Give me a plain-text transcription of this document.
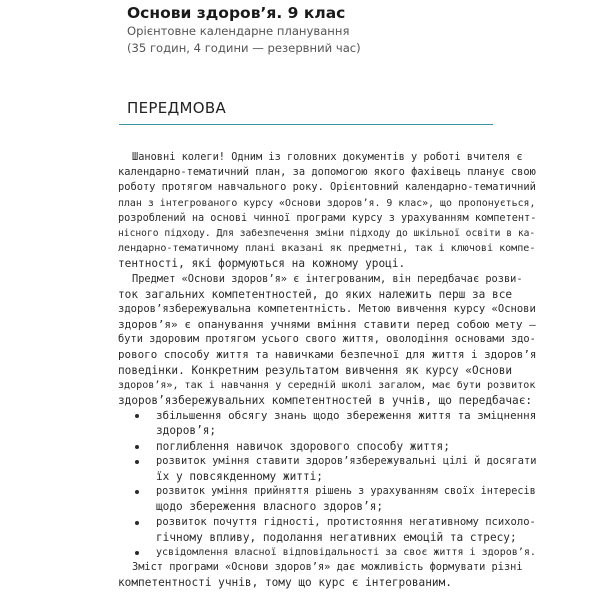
Основи здоров’я. 9 клас
Орієнтовне календарне планування
(35 годин, 4 години — резервний час)
ПЕРЕДМОВА
Шановні колеги! Одним із головних документів у роботі вчителя є
календарно-тематичний план, за допомогою якого фахівець планує свою
роботу протягом навчального року. Орієнтовний календарно-тематичний
план з інтегрованого курсу «Основи здоров’я. 9 клас», що пропонується,
розроблений на основі чинної програми курсу з урахуванням компетент-
нісного підходу. Для забезпечення зміни підходу до шкільної освіти в ка-
лендарно-тематичному плані вказані як предметні, так і ключові компе-
тентності, які формуються на кожному уроці.
Предмет «Основи здоров’я» є інтегрованим, він передбачає розви-
ток загальних компетентностей, до яких належить перш за все
здоров’язбережувальна компетентність. Метою вивчення курсу «Основи
здоров’я» є опанування учнями вміння ставити перед собою мету —
бути здоровим протягом усього свого життя, оволодіння основами здо-
рового способу життя та навичками безпечної для життя і здоров’я
поведінки. Конкретним результатом вивчення як курсу «Основи
здоров’я», так і навчання у середній школі загалом, має бути розвиток
здоров’язбережувальних компетентностей в учнів, що передбачає:
збільшення обсягу знань щодо збереження життя та зміцнення
здоров’я;
поглиблення навичок здорового способу життя;
розвиток уміння ставити здоров’язбережувальні цілі й досягати
їх у повсякденному житті;
розвиток уміння прийняття рішень з урахуванням своїх інтересів
щодо збереження власного здоров’я;
розвиток почуття гідності, протистояння негативному психоло-
гічному впливу, подолання негативних емоцій та стресу;
усвідомлення власної відповідальності за своє життя і здоров’я.
Зміст програми «Основи здоров’я» дає можливість формувати різні
компетентності учнів, тому що курс є інтегрованим.
